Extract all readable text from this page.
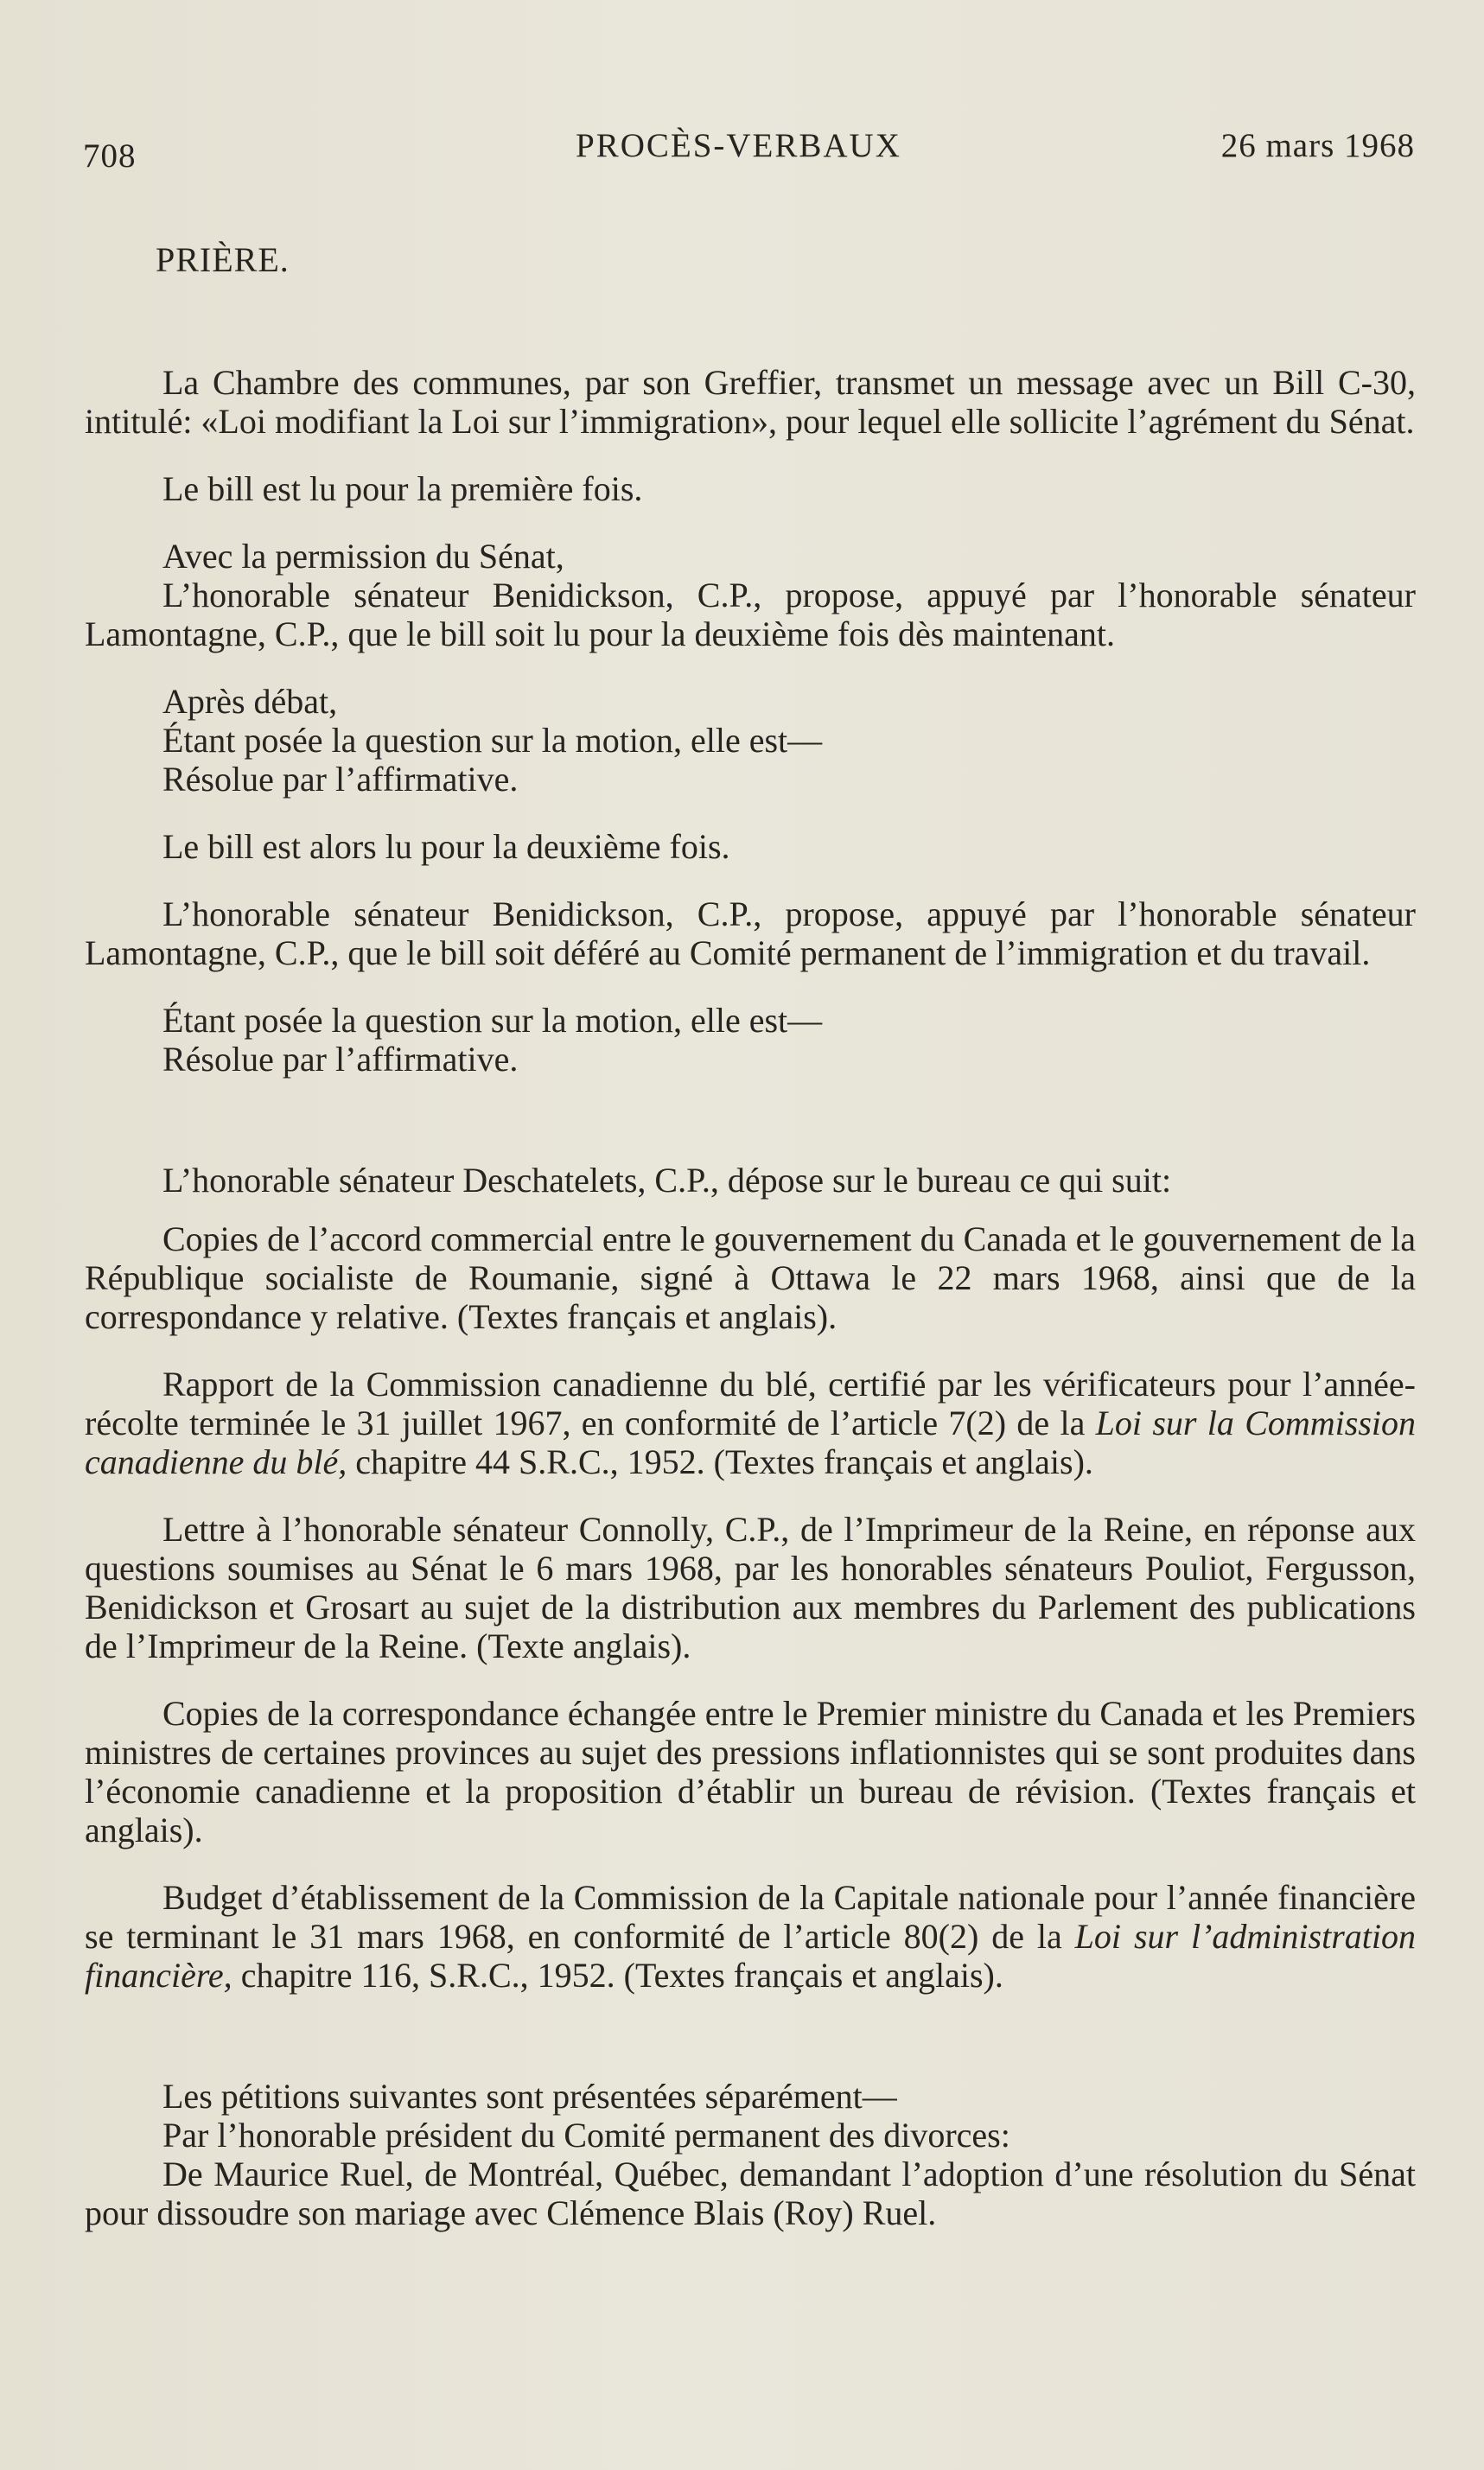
708	PROCÈS-VERBAUX	26 mars 1968

PRIÈRE.

La Chambre des communes, par son Greffier, transmet un message avec un Bill C-30, intitulé: «Loi modifiant la Loi sur l’immigration», pour lequel elle sollicite l’agrément du Sénat.

Le bill est lu pour la première fois.

Avec la permission du Sénat,

L’honorable sénateur Benidickson, C.P., propose, appuyé par l’honorable sénateur Lamontagne, C.P., que le bill soit lu pour la deuxième fois dès maintenant.

Après débat,

Étant posée la question sur la motion, elle est—

Résolue par l’affirmative.

Le bill est alors lu pour la deuxième fois.

L’honorable sénateur Benidickson, C.P., propose, appuyé par l’honorable sénateur Lamontagne, C.P., que le bill soit déféré au Comité permanent de l’immigration et du travail.

Étant posée la question sur la motion, elle est—

Résolue par l’affirmative.

L’honorable sénateur Deschatelets, C.P., dépose sur le bureau ce qui suit:

Copies de l’accord commercial entre le gouvernement du Canada et le gouvernement de la République socialiste de Roumanie, signé à Ottawa le 22 mars 1968, ainsi que de la correspondance y relative. (Textes français et anglais).

Rapport de la Commission canadienne du blé, certifié par les vérificateurs pour l’année-récolte terminée le 31 juillet 1967, en conformité de l’article 7(2) de la Loi sur la Commission canadienne du blé, chapitre 44 S.R.C., 1952. (Textes français et anglais).

Lettre à l’honorable sénateur Connolly, C.P., de l’Imprimeur de la Reine, en réponse aux questions soumises au Sénat le 6 mars 1968, par les honorables sénateurs Pouliot, Fergusson, Benidickson et Grosart au sujet de la distribution aux membres du Parlement des publications de l’Imprimeur de la Reine. (Texte anglais).

Copies de la correspondance échangée entre le Premier ministre du Canada et les Premiers ministres de certaines provinces au sujet des pressions inflationnistes qui se sont produites dans l’économie canadienne et la proposition d’établir un bureau de révision. (Textes français et anglais).

Budget d’établissement de la Commission de la Capitale nationale pour l’année financière se terminant le 31 mars 1968, en conformité de l’article 80(2) de la Loi sur l’administration financière, chapitre 116, S.R.C., 1952. (Textes français et anglais).

Les pétitions suivantes sont présentées séparément—

Par l’honorable président du Comité permanent des divorces:

De Maurice Ruel, de Montréal, Québec, demandant l’adoption d’une résolution du Sénat pour dissoudre son mariage avec Clémence Blais (Roy) Ruel.
